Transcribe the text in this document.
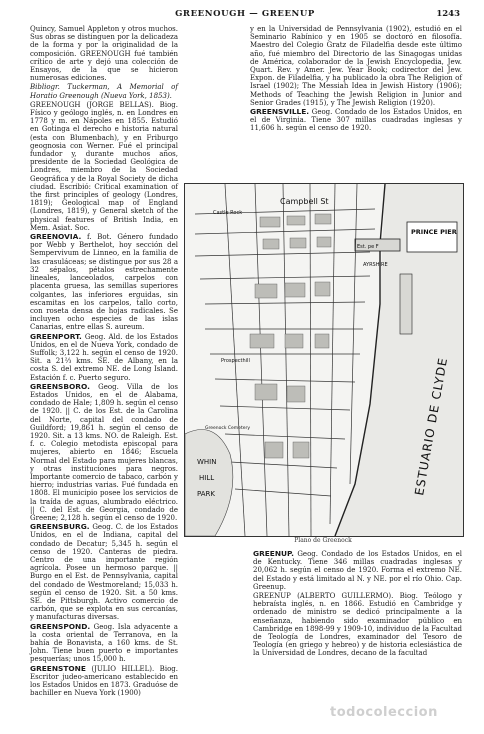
GREENOUGH — GREENUP	1243

Quincy, Samuel Appleton y otros muchos. Sus obras se distinguen por la delicadeza de la forma y por la originalidad de la composición. GREENOUGH fué también crítico de arte y dejó una colección de Ensayos, de la que se hicieron numerosas ediciones.

Bibliogr. Tuckerman, A Memorial of Horatio Greenough (Nueva York, 1853).

GREENOUGH (JORGE BELLAS). Biog. Físico y geólogo inglés, n. en Londres en 1778 y m. en Nápoles en 1855. Estudió en Gotinga el derecho e historia natural (esta con Blumenbach), y en Friburgo geognosia con Werner. Fué el principal fundador y, durante muchos años, presidente de la Sociedad Geológica de Londres, miembro de la Sociedad Geográfica y de la Royal Society de dicha ciudad. Escribió: Critical examination of the first principles of geology (Londres, 1819); Geological map of England (Londres, 1819), y General sketch of the physical features of British India, en Mem. Asiat. Soc.

GREENOVIA. f. Bot. Género fundado por Webb y Berthelot, hoy sección del Sempervivum de Linneo, en la familia de las crasuláceas; se distingue por sus 28 a 32 sépalos, pétalos estrechamente lineales, lanceolados, carpelos con placenta gruesa, las semillas superiores colgantes, las inferiores erguidas, sin escamitas en los carpelos, tallo corto, con roseta densa de hojas radicales. Se incluyen ocho especies de las islas Canarias, entre ellas S. aureum.

GREENPORT. Geog. Ald. de los Estados Unidos, en el de Nueva York, condado de Suffolk; 3,122 h. según el censo de 1920. Sit. a 21⅔ kms. SE. de Albany, en la costa S. del extremo NE. de Long Island. Estación f. c. Puerto seguro.

GREENSBORO. Geog. Villa de los Estados Unidos, en el de Alabama, condado de Hale; 1,809 h. según el censo de 1920. || C. de los Est. de la Carolina del Norte, capital del condado de Guildford; 19,861 h. según el censo de 1920. Sit. a 13 kms. NO. de Raleigh. Est. f. c. Colegio metodista episcopal para mujeres, abierto en 1846; Escuela Normal del Estado para mujeres blancas, y otras instituciones para negros. Importante comercio de tabaco, carbón y hierro; industrias varias. Fué fundada en 1808. El municipio posee los servicios de la traída de aguas, alumbrado eléctrico. || C. del Est. de Georgia, condado de Greene; 2,128 h. según el censo de 1920.

GREENSBURG. Geog. C. de los Estados Unidos, en el de Indiana, capital del condado de Decatur; 5,345 h. según el censo de 1920. Canteras de piedra. Centro de una importante región agrícola. Posee un hermoso parque. || Burgo en el Est. de Pennsylvania, capital del condado de Westmoreland; 15,033 h. según el censo de 1920. Sit. a 50 kms. SE. de Pittsburgh. Activo comercio de carbón, que se explota en sus cercanías, y manufacturas diversas.

GREENSPOND. Geog. Isla adyacente a la costa oriental de Terranova, en la bahía de Bonavista, a 160 kms. de St. John. Tiene buen puerto e importantes pesquerías; unos 15,000 h.

GREENSTONE (JULIO HILLEL). Biog. Escritor judeo-americano establecido en los Estados Unidos en 1873. Graduóse de bachiller en Nueva York (1900)

y en la Universidad de Pennsylvania (1902), estudió en el Seminario Rabínico y en 1905 se doctoró en filosofía. Maestro del Colegio Gratz de Filadelfia desde este último año, fué miembro del Directorio de las Sinagogas unidas de América, colaborador de la Jewish Encyclopedia, Jew. Quart. Rev. y Amer. Jew. Year Book; codirector del Jew. Expon. de Filadelfia, y ha publicado la obra The Religion of Israel (1902); The Messiah Idea in Jewish History (1906); Methods of Teaching the Jewish Religion in Junior and Senior Grades (1915), y The Jewish Religion (1920).

GREENSVILLE. Geog. Condado de los Estados Unidos, en el de Virginia. Tiene 307 millas cuadradas inglesas y 11,606 h. según el censo de 1920.

Campbell St
Castle Rock
Est. pe F
AYRSHIRE
PRINCE PIER
Prospecthill
Greenock Cemetery
WHIN
HILL
PARK	ESTUARIO DE CLYDE
Plano de Greenock

GREENUP. Geog. Condado de los Estados Unidos, en el de Kentucky. Tiene 346 millas cuadradas inglesas y 20,062 h. según el censo de 1920. Forma el extremo NE. del Estado y está limitado al N. y NE. por el río Ohio. Cap. Greenup.

GREENUP (ALBERTO GUILLERMO). Biog. Teólogo y hebraísta inglés, n. en 1866. Estudió en Cambridge y ordenado de ministro se dedicó principalmente a la enseñanza, habiendo sido examinador público en Cambridge en 1898-99 y 1909-10, individuo de la Facultad de Teología de Londres, examinador del Tesoro de Teología (en griego y hebreo) y de historia eclesiástica de la Universidad de Londres, decano de la facultad

todocoleccion
